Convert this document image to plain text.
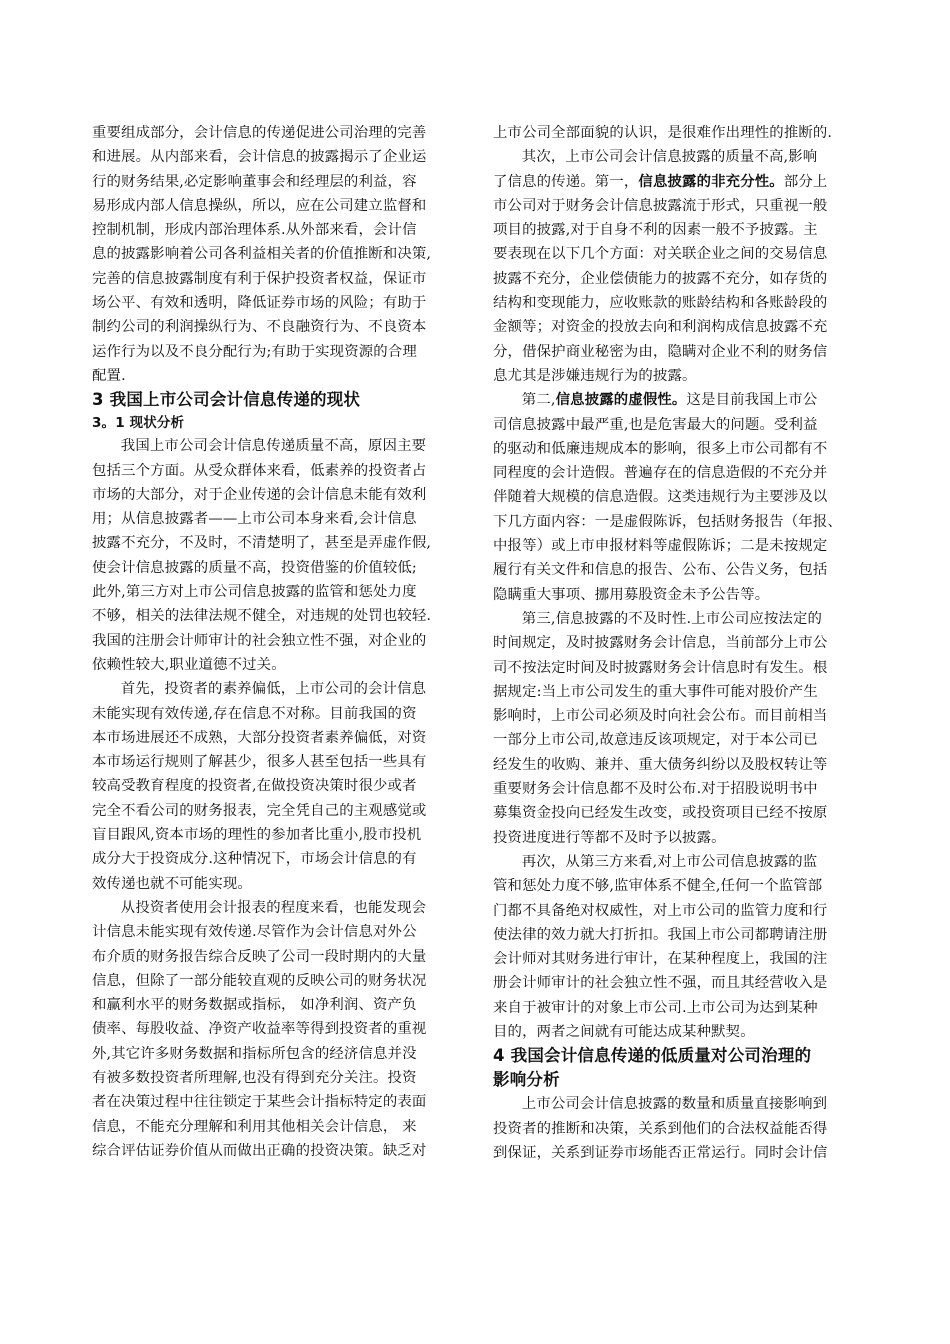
重要组成部分，会计信息的传递促进公司治理的完善
和进展。从内部来看，会计信息的披露揭示了企业运
行的财务结果,必定影响董事会和经理层的利益，容
易形成内部人信息操纵，所以，应在公司建立监督和
控制机制，形成内部治理体系.从外部来看，会计信
息的披露影响着公司各利益相关者的价值推断和决策,
完善的信息披露制度有利于保护投资者权益，保证市
场公平、有效和透明，降低证券市场的风险；有助于
制约公司的利润操纵行为、不良融资行为、不良资本
运作行为以及不良分配行为;有助于实现资源的合理
配置.

3 我国上市公司会计信息传递的现状

3。1 现状分析

我国上市公司会计信息传递质量不高，原因主要
包括三个方面。从受众群体来看，低素养的投资者占
市场的大部分，对于企业传递的会计信息未能有效利
用；从信息披露者——上市公司本身来看,会计信息
披露不充分，不及时，不清楚明了，甚至是弄虚作假,
使会计信息披露的质量不高，投资借鉴的价值较低;
此外,第三方对上市公司信息披露的监管和惩处力度
不够，相关的法律法规不健全，对违规的处罚也较轻.
我国的注册会计师审计的社会独立性不强，对企业的
依赖性较大,职业道德不过关。

首先，投资者的素养偏低，上市公司的会计信息
未能实现有效传递,存在信息不对称。目前我国的资
本市场进展还不成熟，大部分投资者素养偏低，对资
本市场运行规则了解甚少，很多人甚至包括一些具有
较高受教育程度的投资者,在做投资决策时很少或者
完全不看公司的财务报表，完全凭自己的主观感觉或
盲目跟风,资本市场的理性的参加者比重小,股市投机
成分大于投资成分.这种情况下，市场会计信息的有
效传递也就不可能实现。

从投资者使用会计报表的程度来看，也能发现会
计信息未能实现有效传递.尽管作为会计信息对外公
布介质的财务报告综合反映了公司一段时期内的大量
信息，但除了一部分能较直观的反映公司的财务状况
和赢利水平的财务数据或指标， 如净利润、资产负
债率、每股收益、净资产收益率等得到投资者的重视
外,其它许多财务数据和指标所包含的经济信息并没
有被多数投资者所理解,也没有得到充分关注。投资
者在决策过程中往往锁定于某些会计指标特定的表面
信息，不能充分理解和利用其他相关会计信息， 来
综合评估证券价值从而做出正确的投资决策。缺乏对

上市公司全部面貌的认识，是很难作出理性的推断的.

其次，上市公司会计信息披露的质量不高,影响
了信息的传递。第一，信息披露的非充分性。部分上
市公司对于财务会计信息披露流于形式，只重视一般
项目的披露,对于自身不利的因素一般不予披露。主
要表现在以下几个方面：对关联企业之间的交易信息
披露不充分，企业偿债能力的披露不充分，如存货的
结构和变现能力，应收账款的账龄结构和各账龄段的
金额等；对资金的投放去向和利润构成信息披露不充
分，借保护商业秘密为由，隐瞒对企业不利的财务信
息尤其是涉嫌违规行为的披露。

第二,信息披露的虚假性。这是目前我国上市公
司信息披露中最严重,也是危害最大的问题。受利益
的驱动和低廉违规成本的影响，很多上市公司都有不
同程度的会计造假。普遍存在的信息造假的不充分并
伴随着大规模的信息造假。这类违规行为主要涉及以
下几方面内容：一是虚假陈诉，包括财务报告（年报、
中报等）或上市申报材料等虚假陈诉；二是未按规定
履行有关文件和信息的报告、公布、公告义务，包括
隐瞒重大事项、挪用募股资金未予公告等。

第三,信息披露的不及时性.上市公司应按法定的
时间规定，及时披露财务会计信息，当前部分上市公
司不按法定时间及时披露财务会计信息时有发生。根
据规定:当上市公司发生的重大事件可能对股价产生
影响时，上市公司必须及时向社会公布。而目前相当
一部分上市公司,故意违反该项规定，对于本公司已
经发生的收购、兼并、重大债务纠纷以及股权转让等
重要财务会计信息都不及时公布.对于招股说明书中
募集资金投向已经发生改变，或投资项目已经不按原
投资进度进行等都不及时予以披露。

再次，从第三方来看,对上市公司信息披露的监
管和惩处力度不够,监审体系不健全,任何一个监管部
门都不具备绝对权威性，对上市公司的监管力度和行
使法律的效力就大打折扣。我国上市公司都聘请注册
会计师对其财务进行审计，在某种程度上，我国的注
册会计师审计的社会独立性不强，而且其经营收入是
来自于被审计的对象上市公司.上市公司为达到某种
目的，两者之间就有可能达成某种默契。

4 我国会计信息传递的低质量对公司治理的
影响分析

上市公司会计信息披露的数量和质量直接影响到
投资者的推断和决策，关系到他们的合法权益能否得
到保证，关系到证券市场能否正常运行。同时会计信
